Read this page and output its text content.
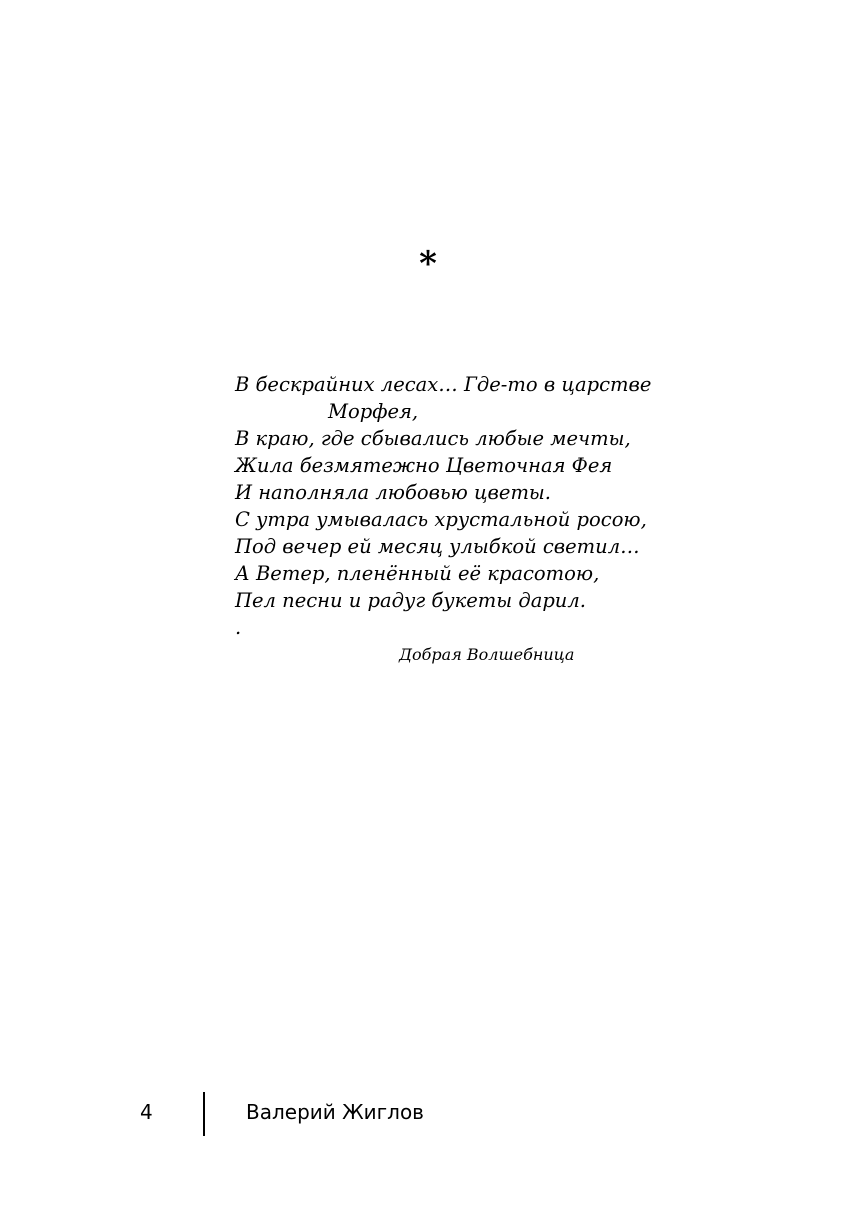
*
В бескрайних лесах… Где-то в царстве
Морфея,
В краю, где сбывались любые мечты,
Жила безмятежно Цветочная Фея
И наполняла любовью цветы.
С утра умывалась хрустальной росою,
Под вечер ей месяц улыбкой светил…
А Ветер, пленённый её красотою,
Пел песни и радуг букеты дарил.
.
Добрая Волшебница
4	Валерий Жиглов
